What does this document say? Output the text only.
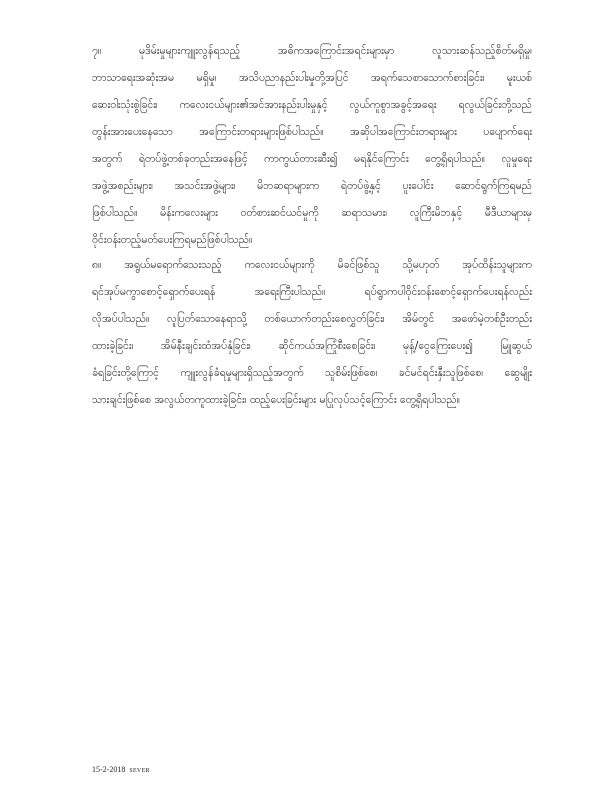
၇။ မုဒိမ်းမှုများကျူးလွန်ရသည့် အဓိကအကြောင်းအရင်းများမှာ လူသားဆန်သည့်စိတ်မရှိမှု၊
ဘာသာရေးအဆုံးအမ မရှိမှု၊ အသိပညာနည်းပါးမှုတို့အပြင် အရက်သေစာသောက်စားခြင်း၊ မူးယစ်
ဆေးဝါးသုံးစွဲခြင်း၊ ကလေးငယ်များ၏အင်အားနည်းပါးမှုနှင့် လွယ်ကူစွာအခွင့်အရေး ရလွယ်ခြင်းတို့သည်
တွန်းအားပေးနေသော အကြောင်းတရားများဖြစ်ပါသည်။ အဆိုပါအကြောင်းတရားများ ပပျောက်ရေး
အတွက် ရဲတပ်ဖွဲ့တစ်ခုတည်းအနေဖြင့် ကာကွယ်တားဆီး၍ မရနိုင်ကြောင်း တွေ့ရှိရပါသည်။ လူမှုရေး
အဖွဲ့အစည်းများ၊ အသင်းအဖွဲ့များ၊ မိဘဆရာများက ရဲတပ်ဖွဲ့နှင့် ပူးပေါင်း ဆောင်ရွက်ကြရမည်
ဖြစ်ပါသည်။ မိန်းကလေးများ ဝတ်စားဆင်ယင်မှုကို ဆရာသမား၊ လူကြီးမိဘနှင့် မီဒီယာများမှ
ဝိုင်းဝန်းတည့်မတ်ပေးကြရမည်ဖြစ်ပါသည်။
၈။ အရွယ်မရောက်သေးသည့် ကလေးငယ်များကို မိခင်ဖြစ်သူ သို့မဟုတ် အုပ်ထိန်းသူများက
ရင်အုပ်မကွာစောင့်ရှောက်ပေးရန် အရေးကြီးပါသည်။ ရပ်ရွာကပါဝိုင်းဝန်းစောင့်ရှောက်ပေးရန်လည်း
လိုအပ်ပါသည်။ လူပြတ်သောနေရာသို့ တစ်ယောက်တည်းစေလွှတ်ခြင်း၊ အိမ်တွင် အဖော်မဲ့တစ်ဦးတည်း
ထားခဲ့ခြင်း၊ အိမ်နီးချင်းထံအပ်နှံခြင်း၊ ဆိုင်ကယ်အကြုံစီးစေခြင်း၊ မုန့်/ငွေကြေးပေး၍ မြူဆွယ်
ခံရခြင်းတို့ကြောင့် ကျူးလွန်ခံရမှုများရှိသည့်အတွက် သူစိမ်းဖြစ်စေ၊ ခင်မင်ရင်းနှီးသူဖြစ်စေ၊ ဆွေမျိုး
သားချင်းဖြစ်စေ အလွယ်တကူထားခဲ့ခြင်း၊ ထည့်ပေးခြင်းများ မပြုလုပ်သင့်ကြောင်း တွေ့ရှိရပါသည်။
15-2-2018 SEVER
